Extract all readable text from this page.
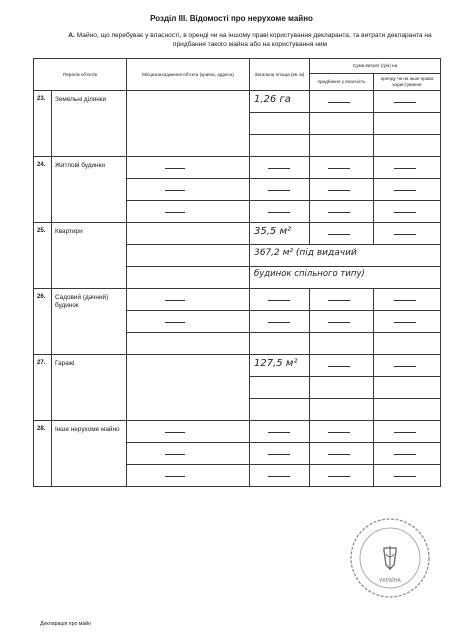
Розділ ІІІ. Відомості про нерухоме майно
А. Майно, що перебуває у власності, в оренді чи на іншому праві користування декларанта, та витрати декларанта на придбання такого майна або на користування ним
Перелік об'єктів		Місцезнаходження об'єкта (країна, адреса)	Загальна площа (кв. м)	Сума витрат (грн) на	
				придбання у власність	оренду чи на інше право користування
23.	Земельні ділянки		1,26 га		

24.	Житлові будинки	

25.	Квартири		35,5 м²		

			367,2 м² (під видачий		

			будинок спільного типу)		

26.	Садовий (дачний) будинок	

27.	Гаражі		127,5 м²		

28.	Інше нерухоме майно	

УКРАЇНА
Декларація про майн
